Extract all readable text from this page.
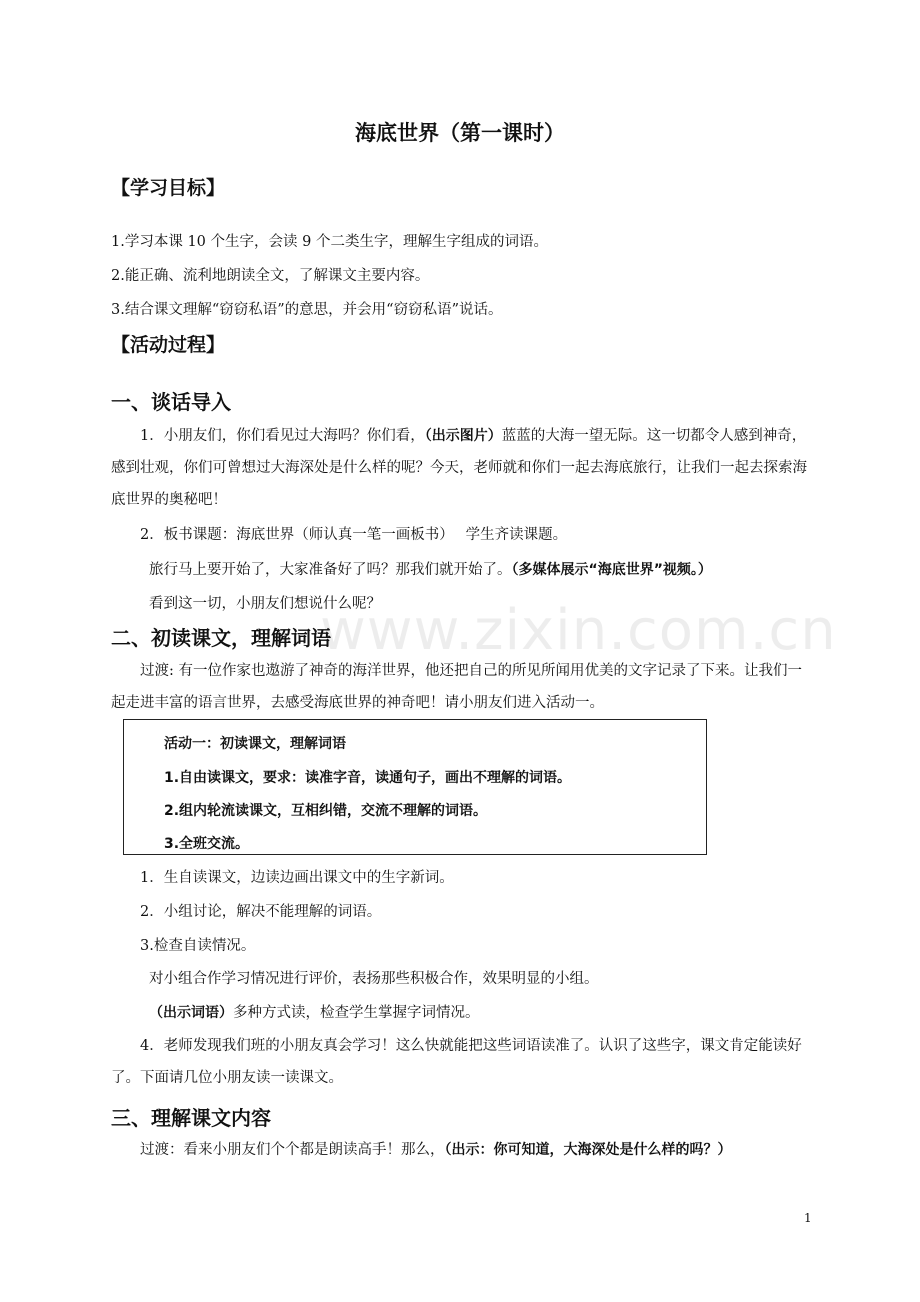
海底世界（第一课时）
【学习目标】
1.学习本课 10 个生字，会读 9 个二类生字，理解生字组成的词语。
2.能正确、流利地朗读全文，了解课文主要内容。
3.结合课文理解“窃窃私语”的意思，并会用“窃窃私语”说话。
【活动过程】
一、谈话导入
1．小朋友们，你们看见过大海吗？你们看，（出示图片）蓝蓝的大海一望无际。这一切都令人感到神奇，感到壮观，你们可曾想过大海深处是什么样的呢？今天，老师就和你们一起去海底旅行，让我们一起去探索海底世界的奥秘吧！
2．板书课题：海底世界（师认真一笔一画板书）　 学生齐读课题。
旅行马上要开始了，大家准备好了吗？那我们就开始了。（多媒体展示“海底世界”视频。）
看到这一切，小朋友们想说什么呢？
www.zixin.com.cn
二、初读课文，理解词语
过渡: 有一位作家也遨游了神奇的海洋世界，他还把自己的所见所闻用优美的文字记录了下来。让我们一起走进丰富的语言世界，去感受海底世界的神奇吧！请小朋友们进入活动一。
活动一：初读课文，理解词语
1.自由读课文，要求：读准字音，读通句子，画出不理解的词语。
2.组内轮流读课文，互相纠错，交流不理解的词语。
3.全班交流。
1．生自读课文，边读边画出课文中的生字新词。
2．小组讨论，解决不能理解的词语。
3.检查自读情况。
对小组合作学习情况进行评价，表扬那些积极合作，效果明显的小组。
（出示词语）多种方式读，检查学生掌握字词情况。
4．老师发现我们班的小朋友真会学习！这么快就能把这些词语读准了。认识了这些字，课文肯定能读好了。下面请几位小朋友读一读课文。
三、理解课文内容
过渡：看来小朋友们个个都是朗读高手！那么，（出示：你可知道，大海深处是什么样的吗？）
1
